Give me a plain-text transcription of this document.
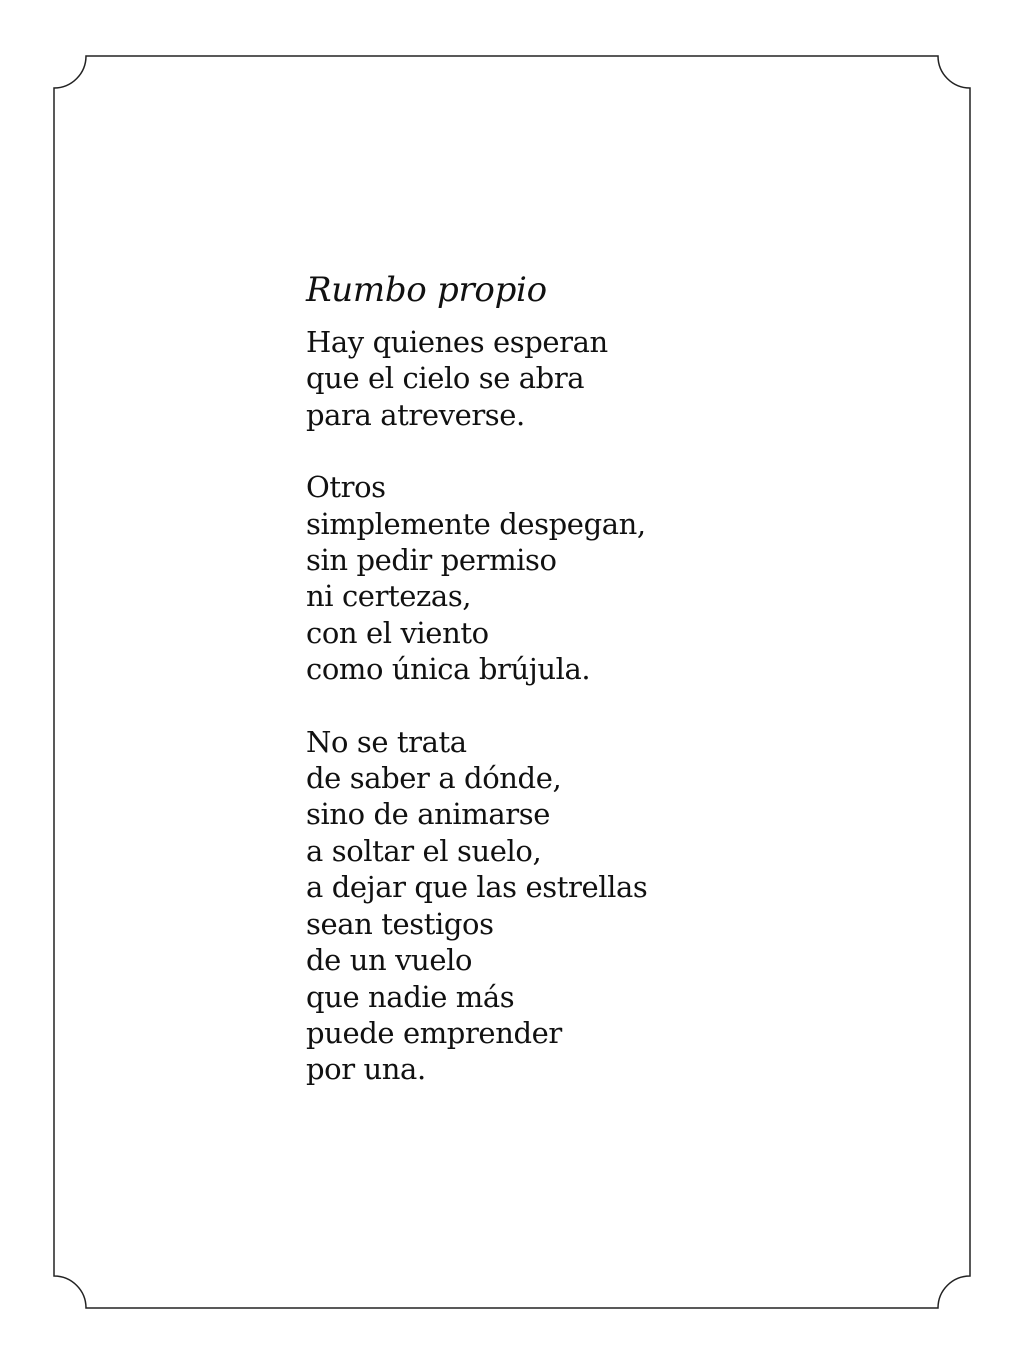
Rumbo propio
Hay quienes esperan
que el cielo se abra
para atreverse.
Otros
simplemente despegan,
sin pedir permiso
ni certezas,
con el viento
como única brújula.
No se trata
de saber a dónde,
sino de animarse
a soltar el suelo,
a dejar que las estrellas
sean testigos
de un vuelo
que nadie más
puede emprender
por una.
